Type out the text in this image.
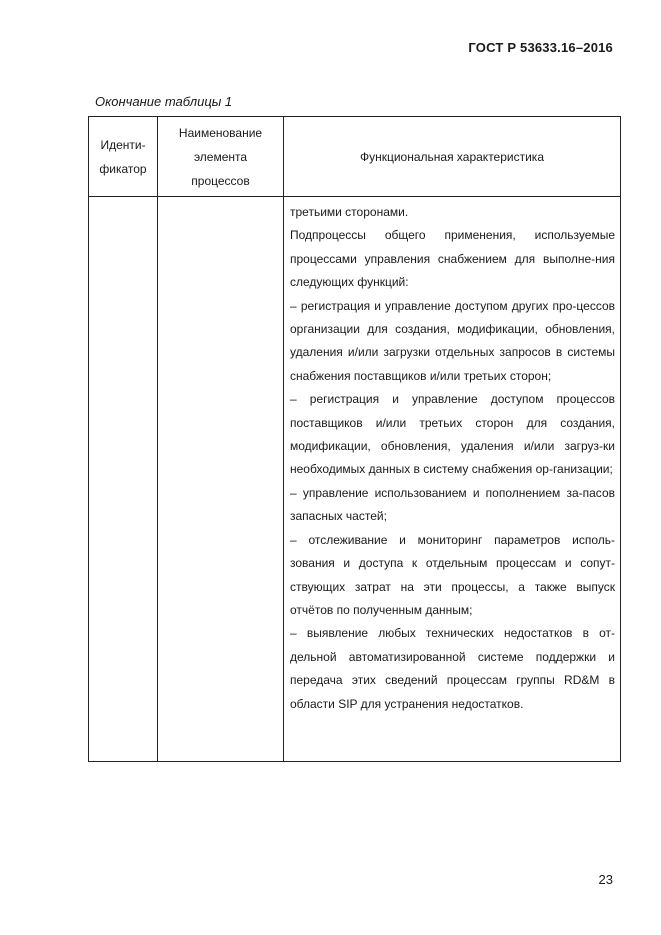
ГОСТ Р 53633.16–2016
Окончание таблицы 1
Иденти-
фикатор
Наименование
элемента
процессов
Функциональная характеристика

третьими сторонами.

Подпроцессы общего применения, используемые процессами управления снабжением для выполне-ния следующих функций:

– регистрация и управление доступом других про-цессов организации для создания, модификации, обновления, удаления и/или загрузки отдельных запросов в системы снабжения поставщиков и/или третьих сторон;

– регистрация и управление доступом процессов поставщиков и/или третьих сторон для создания, модификации, обновления, удаления и/или загруз-ки необходимых данных в систему снабжения ор-ганизации;

– управление использованием и пополнением за-пасов запасных частей;

– отслеживание и мониторинг параметров исполь-зования и доступа к отдельным процессам и сопут-ствующих затрат на эти процессы, а также выпуск отчётов по полученным данным;

– выявление любых технических недостатков в от-дельной автоматизированной системе поддержки и передача этих сведений процессам группы RD&M в области SIP для устранения недостатков.

23
